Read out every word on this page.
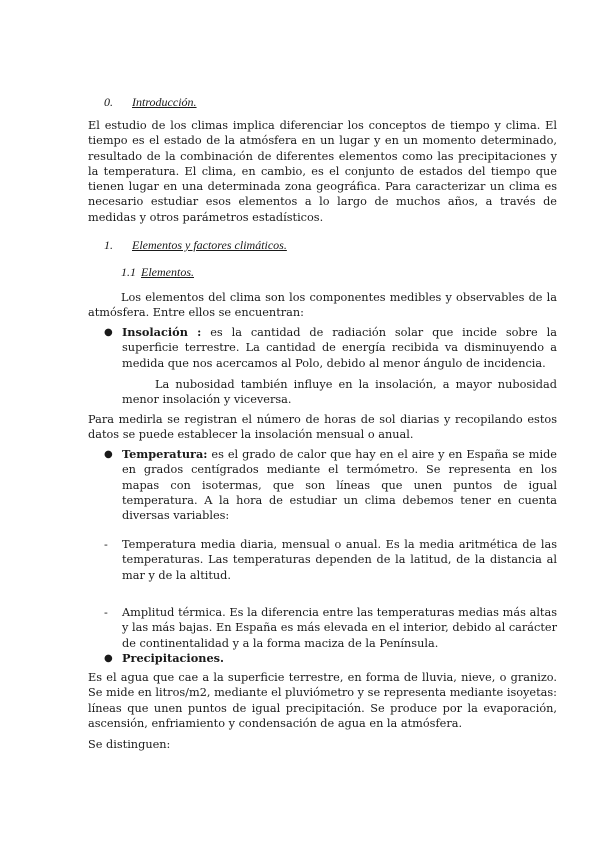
0. Introducción.
El estudio de los climas implica diferenciar los conceptos de tiempo y clima. El tiempo es el estado de la atmósfera en un lugar y en un momento determinado, resultado de la combinación de diferentes elementos como las precipitaciones y la temperatura. El clima, en cambio, es el conjunto de estados del tiempo que tienen lugar en una determinada zona geográfica. Para caracterizar un clima es necesario estudiar esos elementos a lo largo de muchos años, a través de medidas y otros parámetros estadísticos.
1. Elementos y factores climáticos.
1.1 Elementos.
Los elementos del clima son los componentes medibles y observables de la atmósfera. Entre ellos se encuentran:
● Insolación : es la cantidad de radiación solar que incide sobre la superficie terrestre. La cantidad de energía recibida va disminuyendo a medida que nos acercamos al Polo, debido al menor ángulo de incidencia.
La nubosidad también influye en la insolación, a mayor nubosidad menor insolación y viceversa.
Para medirla se registran el número de horas de sol diarias y recopilando estos datos se puede establecer la insolación mensual o anual.
● Temperatura: es el grado de calor que hay en el aire y en España se mide en grados centígrados mediante el termómetro. Se representa en los mapas con isotermas, que son líneas que unen puntos de igual temperatura. A la hora de estudiar un clima debemos tener en cuenta diversas variables:
- Temperatura media diaria, mensual o anual. Es la media aritmética de las temperaturas. Las temperaturas dependen de la latitud, de la distancia al mar y de la altitud.
- Amplitud térmica. Es la diferencia entre las temperaturas medias más altas y las más bajas. En España es más elevada en el interior, debido al carácter de continentalidad y a la forma maciza de la Península.
● Precipitaciones.
Es el agua que cae a la superficie terrestre, en forma de lluvia, nieve, o granizo. Se mide en litros/m2, mediante el pluviómetro y se representa mediante isoyetas: líneas que unen puntos de igual precipitación. Se produce por la evaporación, ascensión, enfriamiento y condensación de agua en la atmósfera.
Se distinguen:
